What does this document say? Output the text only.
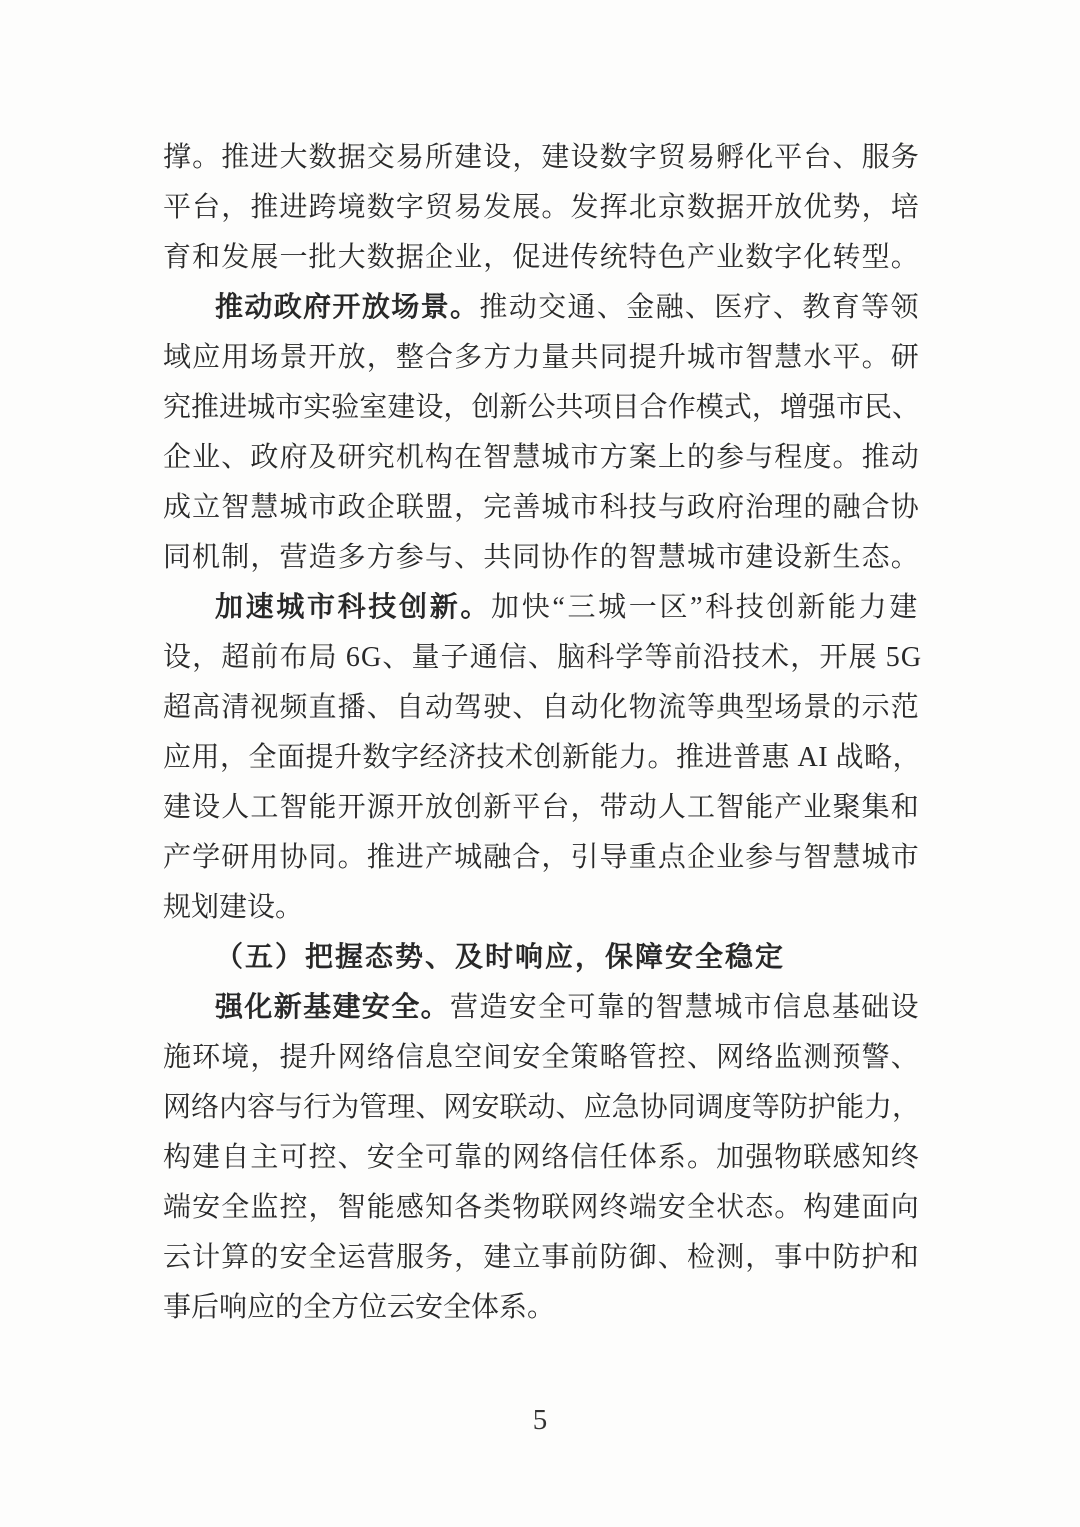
撑。推进大数据交易所建设，建设数字贸易孵化平台、服务
平台，推进跨境数字贸易发展。发挥北京数据开放优势，培
育和发展一批大数据企业，促进传统特色产业数字化转型。
推动政府开放场景。推动交通、金融、医疗、教育等领
域应用场景开放，整合多方力量共同提升城市智慧水平。研
究推进城市实验室建设，创新公共项目合作模式，增强市民、
企业、政府及研究机构在智慧城市方案上的参与程度。推动
成立智慧城市政企联盟，完善城市科技与政府治理的融合协
同机制，营造多方参与、共同协作的智慧城市建设新生态。
加速城市科技创新。加快“三城一区”科技创新能力建
设，超前布局 6G、量子通信、脑科学等前沿技术，开展 5G
超高清视频直播、自动驾驶、自动化物流等典型场景的示范
应用，全面提升数字经济技术创新能力。推进普惠 AI 战略，
建设人工智能开源开放创新平台，带动人工智能产业聚集和
产学研用协同。推进产城融合，引导重点企业参与智慧城市
规划建设。
（五）把握态势、及时响应，保障安全稳定
强化新基建安全。营造安全可靠的智慧城市信息基础设
施环境，提升网络信息空间安全策略管控、网络监测预警、
网络内容与行为管理、网安联动、应急协同调度等防护能力，
构建自主可控、安全可靠的网络信任体系。加强物联感知终
端安全监控，智能感知各类物联网终端安全状态。构建面向
云计算的安全运营服务，建立事前防御、检测，事中防护和
事后响应的全方位云安全体系。
5
